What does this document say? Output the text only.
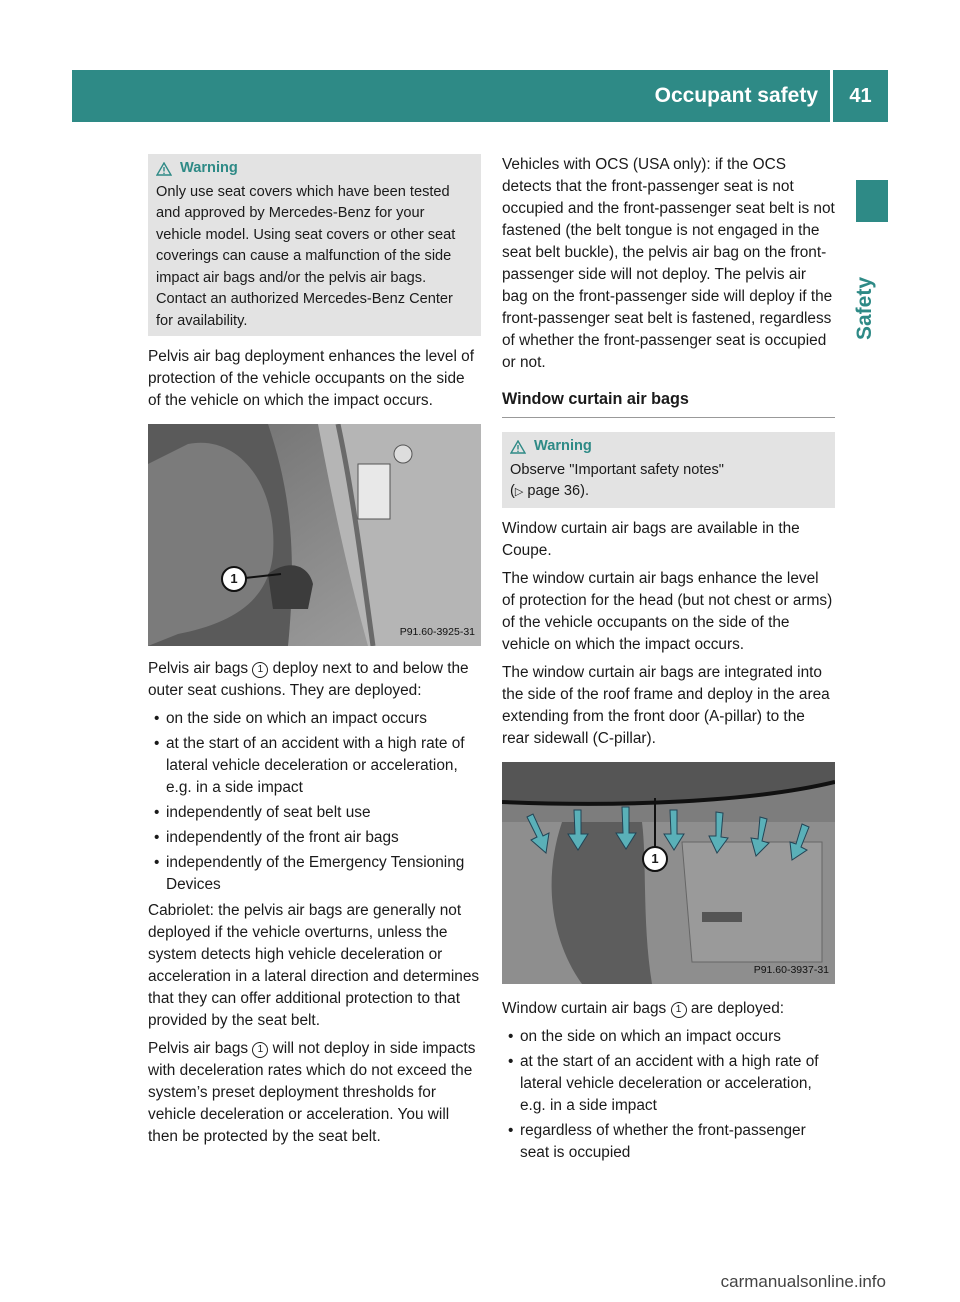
Occupant safety	41
Safety
Warning
Only use seat covers which have been tested and approved by Mercedes-Benz for your vehicle model. Using seat covers or other seat coverings can cause a malfunction of the side impact air bags and/or the pelvis air bags. Contact an authorized Mercedes-Benz Center for availability.

Pelvis air bag deployment enhances the level of protection of the vehicle occupants on the side of the vehicle on which the impact occurs.

1
P91.60-3925-31

Pelvis air bags 1 deploy next to and below the outer seat cushions. They are deployed:

• on the side on which an impact occurs
• at the start of an accident with a high rate of lateral vehicle deceleration or acceleration, e.g. in a side impact
• independently of seat belt use
• independently of the front air bags
• independently of the Emergency Tensioning Devices

Cabriolet: the pelvis air bags are generally not deployed if the vehicle overturns, unless the system detects high vehicle deceleration or acceleration in a lateral direction and determines that they can offer additional protection to that provided by the seat belt.

Pelvis air bags 1 will not deploy in side impacts with deceleration rates which do not exceed the system’s preset deployment thresholds for vehicle deceleration or acceleration. You will then be protected by the seat belt.

Vehicles with OCS (USA only): if the OCS detects that the front-passenger seat is not occupied and the front-passenger seat belt is not fastened (the belt tongue is not engaged in the seat belt buckle), the pelvis air bag on the front-passenger side will not deploy. The pelvis air bag on the front-passenger side will deploy if the front-passenger seat belt is fastened, regardless of whether the front-passenger seat is occupied or not.

Window curtain air bags
Warning
Observe "Important safety notes"
(▷ page 36).

Window curtain air bags are available in the Coupe.

The window curtain air bags enhance the level of protection for the head (but not chest or arms) of the vehicle occupants on the side of the vehicle on which the impact occurs.

The window curtain air bags are integrated into the side of the roof frame and deploy in the area extending from the front door (A-pillar) to the rear sidewall (C-pillar).

1
P91.60-3937-31

Window curtain air bags 1 are deployed:

• on the side on which an impact occurs
• at the start of an accident with a high rate of lateral vehicle deceleration or acceleration, e.g. in a side impact
• regardless of whether the front-passenger seat is occupied
carmanualsonline.info
